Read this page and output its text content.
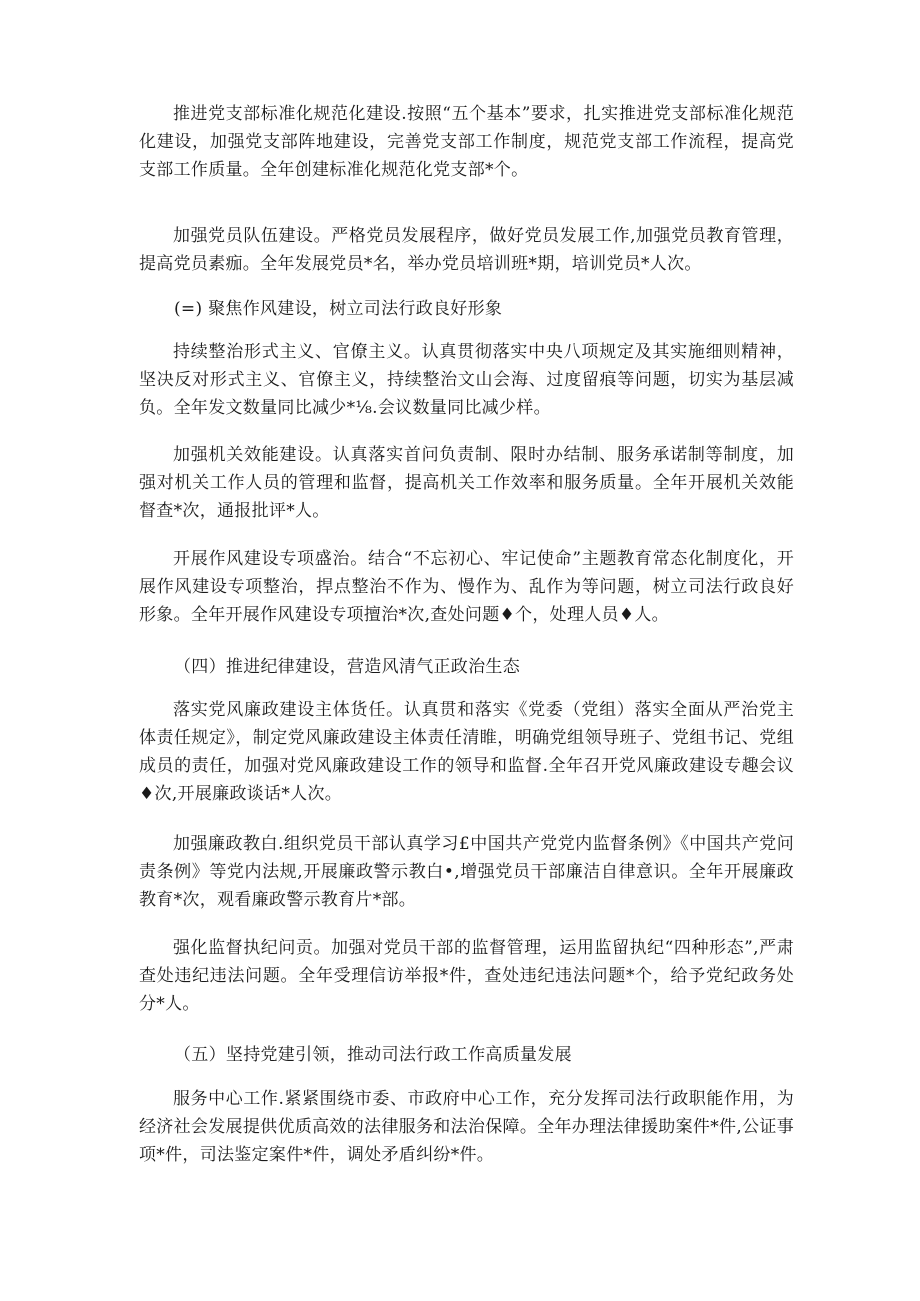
推进党支部标准化规范化建设.按照“五个基本”要求，扎实推进党支部标准化规范化建设，加强党支部阵地建设，完善党支部工作制度，规范党支部工作流程，提高党支部工作质量。全年创建标准化规范化党支部*个。

加强党员队伍建设。严格党员发展程序，做好党员发展工作,加强党员教育管理，提高党员素痂。全年发展党员*名，举办党员培训班*期，培训党员*人次。

(=) 聚焦作风建设，树立司法行政良好形象

持续整治形式主义、官僚主义。认真贯彻落实中央八项规定及其实施细则精神，坚决反对形式主义、官僚主义，持续整治文山会海、过度留痕等问题，切实为基层减负。全年发文数量同比减少*⅛.会议数量同比减少样。

加强机关效能建设。认真落实首问负责制、限时办结制、服务承诺制等制度，加强对机关工作人员的管理和监督，提高机关工作效率和服务质量。全年开展机关效能督查*次，通报批评*人。

开展作风建设专项盛治。结合“不忘初心、牢记使命”主题教育常态化制度化，开展作风建设专项整治，捍点整治不作为、慢作为、乱作为等问题，树立司法行政良好形象。全年开展作风建设专项擅治*次,查处问题♦个，处理人员♦人。

（四）推进纪律建设，营造风清气正政治生态

落实党风廉政建设主体货任。认真贯和落实《党委（党组）落实全面从严治党主体责任规定》，制定党风廉政建设主体责任清睢，明确党组领导班子、党组书记、党组成员的责任，加强对党风廉政建设工作的领导和监督.全年召开党风廉政建设专趣会议♦次,开展廉政谈话*人次。

加强廉政教白.组织党员干部认真学习£中国共产党党内监督条例》《中国共产党问责条例》等党内法规,开展廉政警示教白•,增强党员干部廉洁自律意识。全年开展廉政教育*次，观看廉政警示教育片*部。

强化监督执纪问贡。加强对党员干部的监督管理，运用监留执纪“四种形态”,严肃查处违纪违法问题。全年受理信访举报*件，查处违纪违法问题*个，给予党纪政务处分*人。

（五）坚持党建引领，推动司法行政工作高质量发展

服务中心工作.紧紧围绕市委、市政府中心工作，充分发挥司法行政职能作用，为经济社会发展提供优质高效的法律服务和法治保障。全年办理法律援助案件*件,公证事项*件，司法鉴定案件*件，调处矛盾纠纷*件。
